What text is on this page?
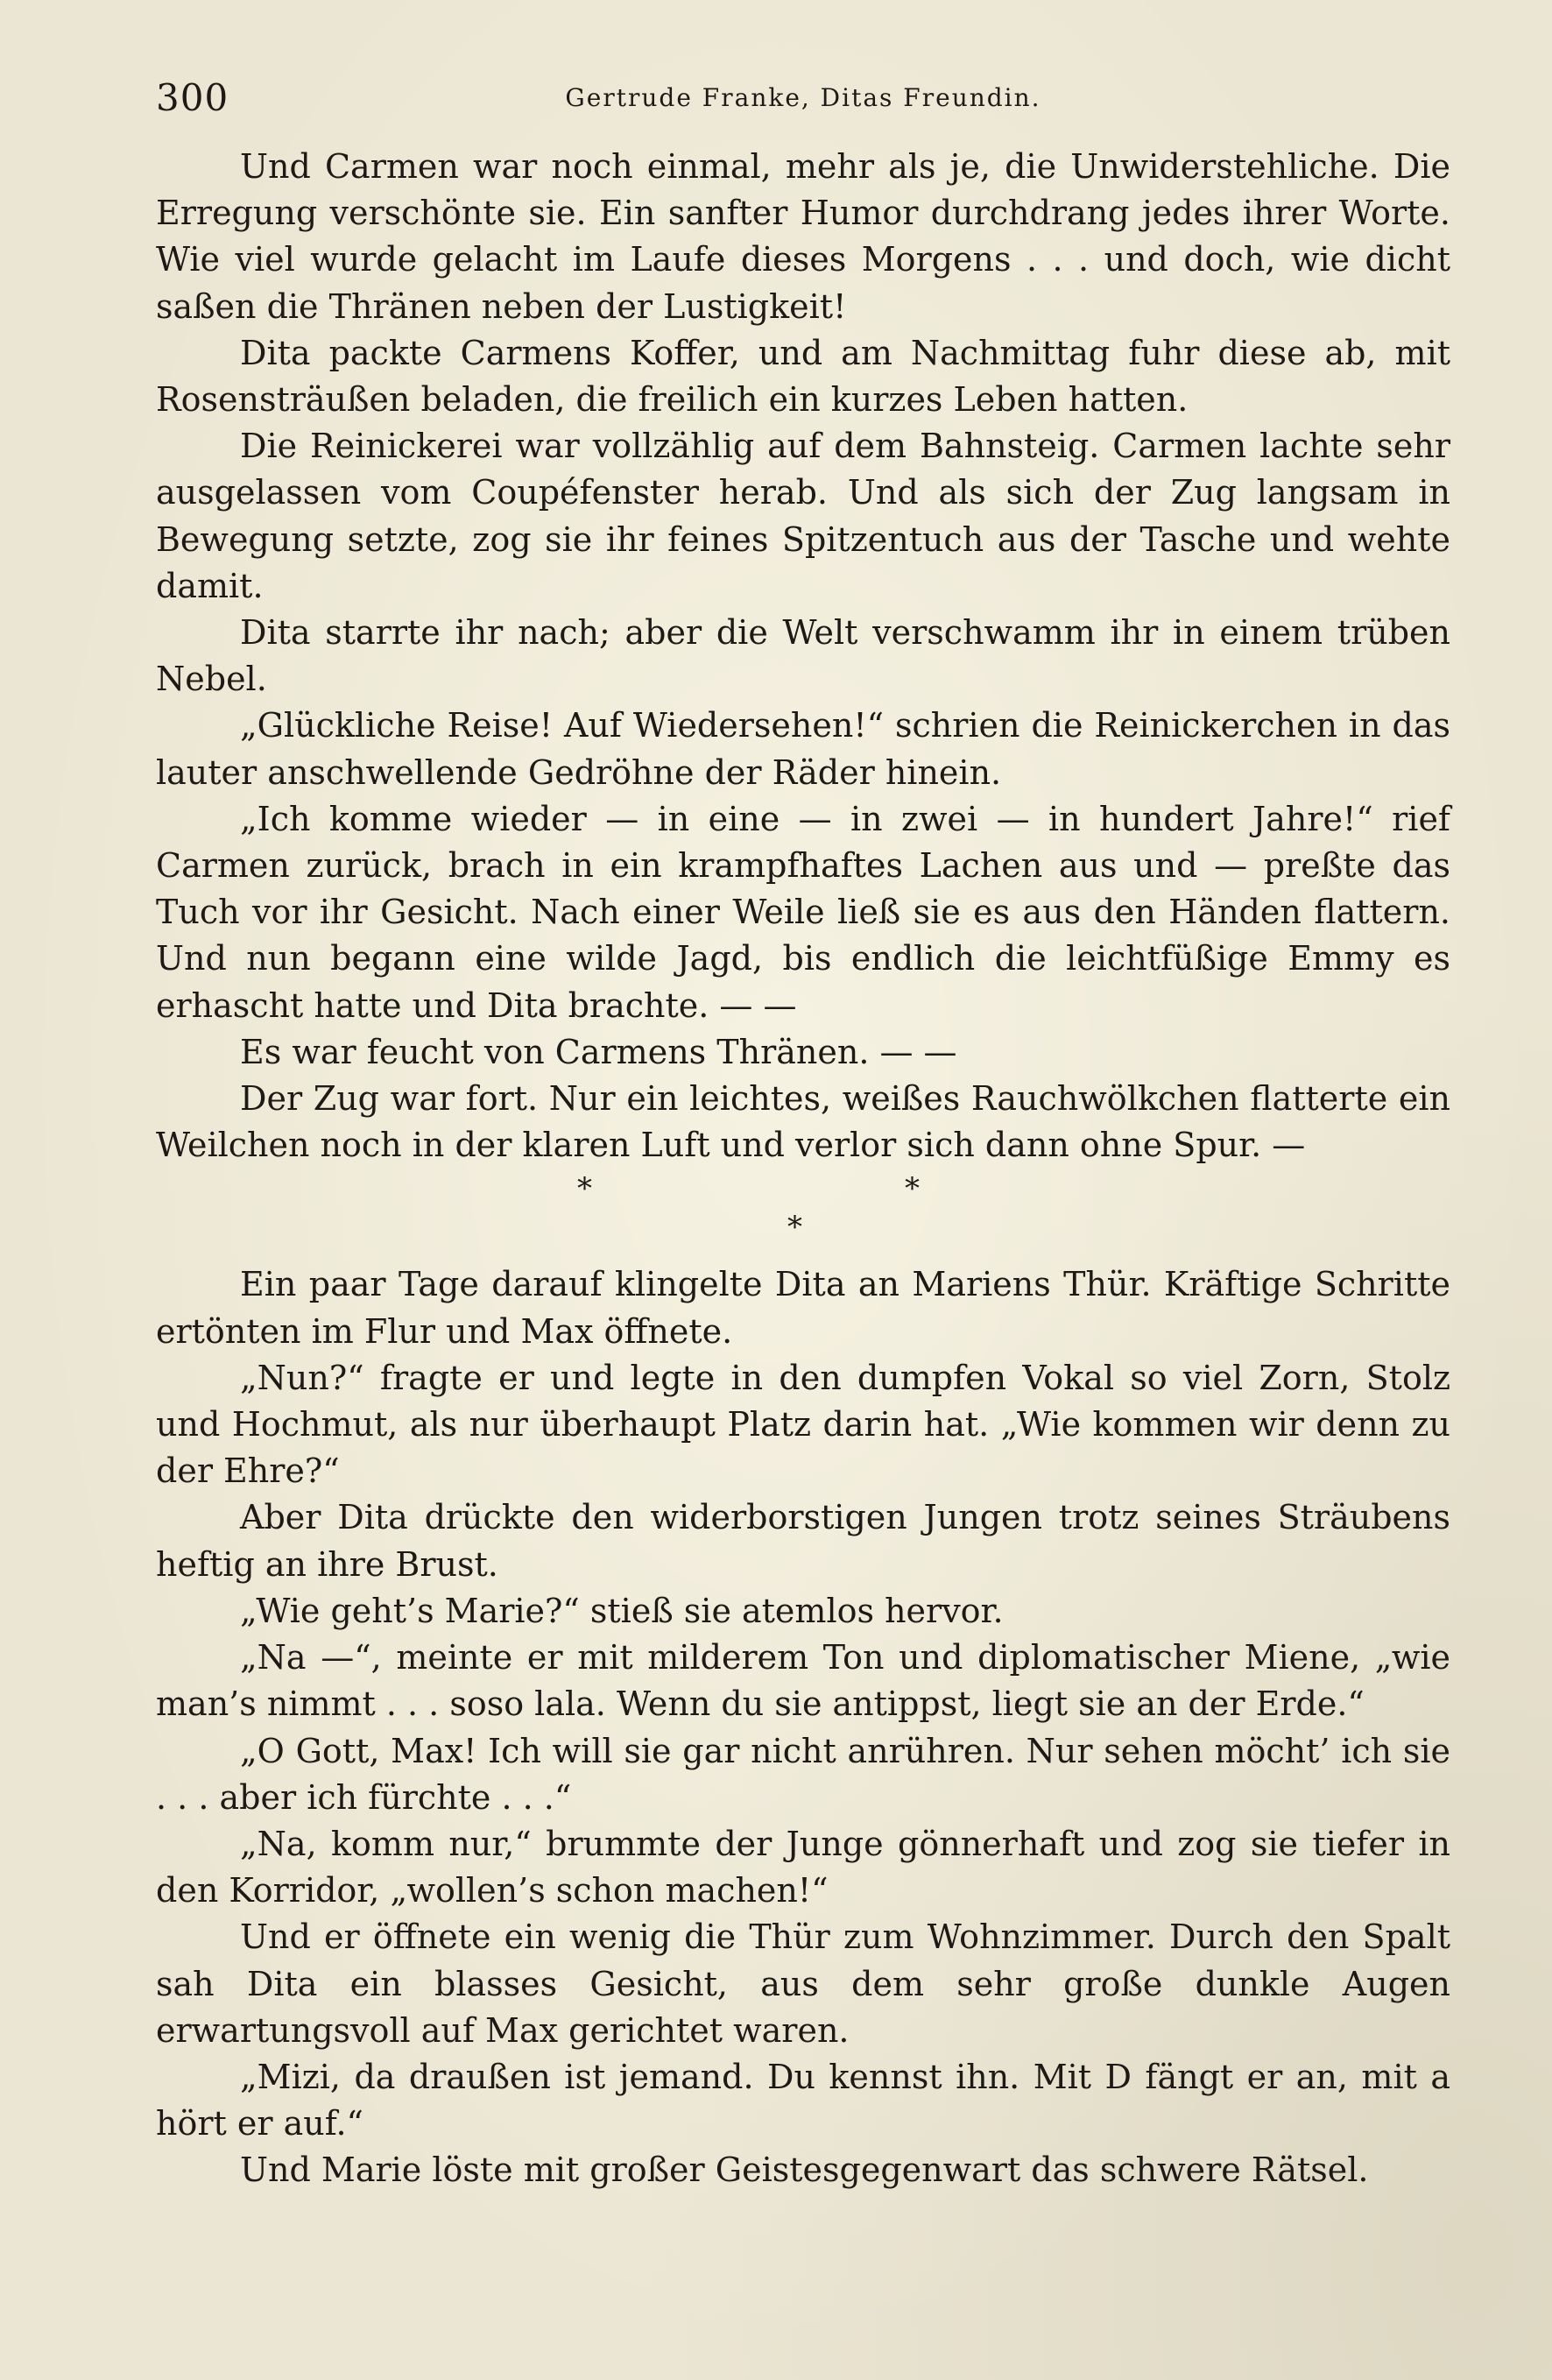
300	Gertrude Franke, Ditas Freundin.

Und Carmen war noch einmal, mehr als je, die Unwiderstehliche. Die Erregung verschönte sie. Ein sanfter Humor durchdrang jedes ihrer Worte. Wie viel wurde gelacht im Laufe dieses Morgens . . . und doch, wie dicht saßen die Thränen neben der Lustigkeit!

Dita packte Carmens Koffer, und am Nachmittag fuhr diese ab, mit Rosensträußen beladen, die freilich ein kurzes Leben hatten.

Die Reinickerei war vollzählig auf dem Bahnsteig. Carmen lachte sehr ausgelassen vom Coupéfenster herab. Und als sich der Zug langsam in Bewegung setzte, zog sie ihr feines Spitzentuch aus der Tasche und wehte damit.

Dita starrte ihr nach; aber die Welt verschwamm ihr in einem trüben Nebel.

„Glückliche Reise! Auf Wiedersehen!“ schrien die Reinickerchen in das lauter anschwellende Gedröhne der Räder hinein.

„Ich komme wieder — in eine — in zwei — in hundert Jahre!“ rief Carmen zurück, brach in ein krampfhaftes Lachen aus und — preßte das Tuch vor ihr Gesicht. Nach einer Weile ließ sie es aus den Händen flattern. Und nun begann eine wilde Jagd, bis endlich die leichtfüßige Emmy es erhascht hatte und Dita brachte. — —

Es war feucht von Carmens Thränen. — —

Der Zug war fort. Nur ein leichtes, weißes Rauchwölkchen flatterte ein Weilchen noch in der klaren Luft und verlor sich dann ohne Spur. —

*	*
*

Ein paar Tage darauf klingelte Dita an Mariens Thür. Kräftige Schritte ertönten im Flur und Max öffnete.

„Nun?“ fragte er und legte in den dumpfen Vokal so viel Zorn, Stolz und Hochmut, als nur überhaupt Platz darin hat. „Wie kommen wir denn zu der Ehre?“

Aber Dita drückte den widerborstigen Jungen trotz seines Sträubens heftig an ihre Brust.

„Wie geht’s Marie?“ stieß sie atemlos hervor.

„Na —“, meinte er mit milderem Ton und diplomatischer Miene, „wie man’s nimmt . . . soso lala. Wenn du sie antippst, liegt sie an der Erde.“

„O Gott, Max! Ich will sie gar nicht anrühren. Nur sehen möcht’ ich sie . . . aber ich fürchte . . .“

„Na, komm nur,“ brummte der Junge gönnerhaft und zog sie tiefer in den Korridor, „wollen’s schon machen!“

Und er öffnete ein wenig die Thür zum Wohnzimmer. Durch den Spalt sah Dita ein blasses Gesicht, aus dem sehr große dunkle Augen erwartungsvoll auf Max gerichtet waren.

„Mizi, da draußen ist jemand. Du kennst ihn. Mit D fängt er an, mit a hört er auf.“

Und Marie löste mit großer Geistesgegenwart das schwere Rätsel.
